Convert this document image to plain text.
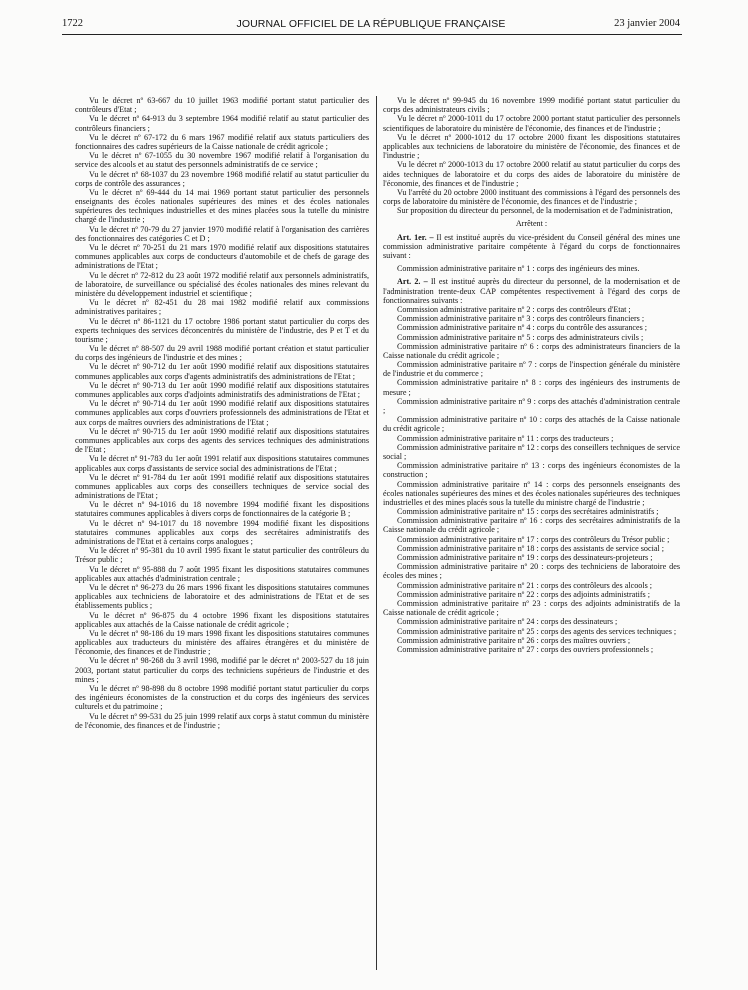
1722	JOURNAL OFFICIEL DE LA RÉPUBLIQUE FRANÇAISE	23 janvier 2004

Vu le décret nº 63-667 du 10 juillet 1963 modifié portant statut particulier des contrôleurs d'Etat ;

Vu le décret nº 64-913 du 3 septembre 1964 modifié relatif au statut particulier des contrôleurs financiers ;

Vu le décret nº 67-172 du 6 mars 1967 modifié relatif aux statuts particuliers des fonctionnaires des cadres supérieurs de la Caisse nationale de crédit agricole ;

Vu le décret nº 67-1055 du 30 novembre 1967 modifié relatif à l'organisation du service des alcools et au statut des personnels administratifs de ce service ;

Vu le décret nº 68-1037 du 23 novembre 1968 modifié relatif au statut particulier du corps de contrôle des assurances ;

Vu le décret nº 69-444 du 14 mai 1969 portant statut particulier des personnels enseignants des écoles nationales supérieures des mines et des écoles nationales supérieures des techniques industrielles et des mines placées sous la tutelle du ministre chargé de l'industrie ;

Vu le décret nº 70-79 du 27 janvier 1970 modifié relatif à l'organisation des carrières des fonctionnaires des catégories C et D ;

Vu le décret nº 70-251 du 21 mars 1970 modifié relatif aux dispositions statutaires communes applicables aux corps de conducteurs d'automobile et de chefs de garage des administrations de l'Etat ;

Vu le décret nº 72-812 du 23 août 1972 modifié relatif aux personnels administratifs, de laboratoire, de surveillance ou spécialisé des écoles nationales des mines relevant du ministère du développement industriel et scientifique ;

Vu le décret nº 82-451 du 28 mai 1982 modifié relatif aux commissions administratives paritaires ;

Vu le décret nº 86-1121 du 17 octobre 1986 portant statut particulier du corps des experts techniques des services déconcentrés du ministère de l'industrie, des P et T et du tourisme ;

Vu le décret nº 88-507 du 29 avril 1988 modifié portant création et statut particulier du corps des ingénieurs de l'industrie et des mines ;

Vu le décret nº 90-712 du 1er août 1990 modifié relatif aux dispositions statutaires communes applicables aux corps d'agents administratifs des administrations de l'Etat ;

Vu le décret nº 90-713 du 1er août 1990 modifié relatif aux dispositions statutaires communes applicables aux corps d'adjoints administratifs des administrations de l'Etat ;

Vu le décret nº 90-714 du 1er août 1990 modifié relatif aux dispositions statutaires communes applicables aux corps d'ouvriers professionnels des administrations de l'Etat et aux corps de maîtres ouvriers des administrations de l'Etat ;

Vu le décret nº 90-715 du 1er août 1990 modifié relatif aux dispositions statutaires communes applicables aux corps des agents des services techniques des administrations de l'Etat ;

Vu le décret nº 91-783 du 1er août 1991 relatif aux dispositions statutaires communes applicables aux corps d'assistants de service social des administrations de l'Etat ;

Vu le décret nº 91-784 du 1er août 1991 modifié relatif aux dispositions statutaires communes applicables aux corps des conseillers techniques de service social des administrations de l'Etat ;

Vu le décret nº 94-1016 du 18 novembre 1994 modifié fixant les dispositions statutaires communes applicables à divers corps de fonctionnaires de la catégorie B ;

Vu le décret nº 94-1017 du 18 novembre 1994 modifié fixant les dispositions statutaires communes applicables aux corps des secrétaires administratifs des administrations de l'Etat et à certains corps analogues ;

Vu le décret nº 95-381 du 10 avril 1995 fixant le statut particulier des contrôleurs du Trésor public ;

Vu le décret nº 95-888 du 7 août 1995 fixant les dispositions statutaires communes applicables aux attachés d'administration centrale ;

Vu le décret nº 96-273 du 26 mars 1996 fixant les dispositions statutaires communes applicables aux techniciens de laboratoire et des administrations de l'Etat et de ses établissements publics ;

Vu le décret nº 96-875 du 4 octobre 1996 fixant les dispositions statutaires applicables aux attachés de la Caisse nationale de crédit agricole ;

Vu le décret nº 98-186 du 19 mars 1998 fixant les dispositions statutaires communes applicables aux traducteurs du ministère des affaires étrangères et du ministère de l'économie, des finances et de l'industrie ;

Vu le décret nº 98-268 du 3 avril 1998, modifié par le décret nº 2003-527 du 18 juin 2003, portant statut particulier du corps des techniciens supérieurs de l'industrie et des mines ;

Vu le décret nº 98-898 du 8 octobre 1998 modifié portant statut particulier du corps des ingénieurs économistes de la construction et du corps des ingénieurs des services culturels et du patrimoine ;

Vu le décret nº 99-531 du 25 juin 1999 relatif aux corps à statut commun du ministère de l'économie, des finances et de l'industrie ;

Vu le décret nº 99-945 du 16 novembre 1999 modifié portant statut particulier du corps des administrateurs civils ;

Vu le décret nº 2000-1011 du 17 octobre 2000 portant statut particulier des personnels scientifiques de laboratoire du ministère de l'économie, des finances et de l'industrie ;

Vu le décret nº 2000-1012 du 17 octobre 2000 fixant les dispositions statutaires applicables aux techniciens de laboratoire du ministère de l'économie, des finances et de l'industrie ;

Vu le décret nº 2000-1013 du 17 octobre 2000 relatif au statut particulier du corps des aides techniques de laboratoire et du corps des aides de laboratoire du ministère de l'économie, des finances et de l'industrie ;

Vu l'arrêté du 20 octobre 2000 instituant des commissions à l'égard des personnels des corps de laboratoire du ministère de l'économie, des finances et de l'industrie ;

Sur proposition du directeur du personnel, de la modernisation et de l'administration,

Arrêtent :

Art. 1er. – Il est institué auprès du vice-président du Conseil général des mines une commission administrative paritaire compétente à l'égard du corps de fonctionnaires suivant :

Commission administrative paritaire nº 1 : corps des ingénieurs des mines.

Art. 2. – Il est institué auprès du directeur du personnel, de la modernisation et de l'administration trente-deux CAP compétentes respectivement à l'égard des corps de fonctionnaires suivants :

Commission administrative paritaire nº 2 : corps des contrôleurs d'Etat ;

Commission administrative paritaire nº 3 : corps des contrôleurs financiers ;

Commission administrative paritaire nº 4 : corps du contrôle des assurances ;

Commission administrative paritaire nº 5 : corps des administrateurs civils ;

Commission administrative paritaire nº 6 : corps des administrateurs financiers de la Caisse nationale du crédit agricole ;

Commission administrative paritaire nº 7 : corps de l'inspection générale du ministère de l'industrie et du commerce ;

Commission administrative paritaire nº 8 : corps des ingénieurs des instruments de mesure ;

Commission administrative paritaire nº 9 : corps des attachés d'administration centrale ;

Commission administrative paritaire nº 10 : corps des attachés de la Caisse nationale du crédit agricole ;

Commission administrative paritaire nº 11 : corps des traducteurs ;

Commission administrative paritaire nº 12 : corps des conseillers techniques de service social ;

Commission administrative paritaire nº 13 : corps des ingénieurs économistes de la construction ;

Commission administrative paritaire nº 14 : corps des personnels enseignants des écoles nationales supérieures des mines et des écoles nationales supérieures des techniques industrielles et des mines placés sous la tutelle du ministre chargé de l'industrie ;

Commission administrative paritaire nº 15 : corps des secrétaires administratifs ;

Commission administrative paritaire nº 16 : corps des secrétaires administratifs de la Caisse nationale du crédit agricole ;

Commission administrative paritaire nº 17 : corps des contrôleurs du Trésor public ;

Commission administrative paritaire nº 18 : corps des assistants de service social ;

Commission administrative paritaire nº 19 : corps des dessinateurs-projeteurs ;

Commission administrative paritaire nº 20 : corps des techniciens de laboratoire des écoles des mines ;

Commission administrative paritaire nº 21 : corps des contrôleurs des alcools ;

Commission administrative paritaire nº 22 : corps des adjoints administratifs ;

Commission administrative paritaire nº 23 : corps des adjoints administratifs de la Caisse nationale de crédit agricole ;

Commission administrative paritaire nº 24 : corps des dessinateurs ;

Commission administrative paritaire nº 25 : corps des agents des services techniques ;

Commission administrative paritaire nº 26 : corps des maîtres ouvriers ;

Commission administrative paritaire nº 27 : corps des ouvriers professionnels ;
